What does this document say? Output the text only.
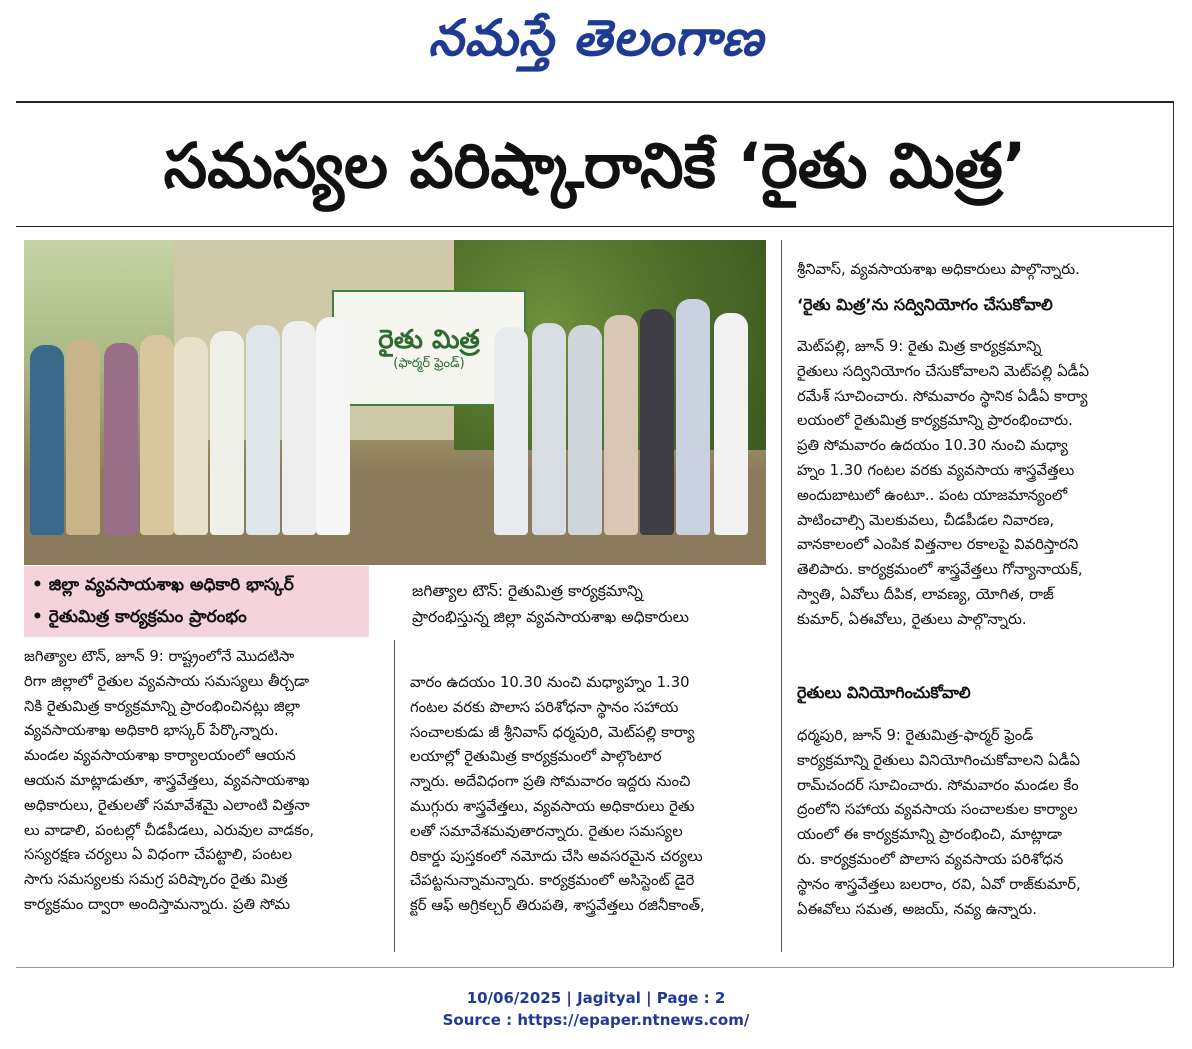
నమస్తే తెలంగాణ
సమస్యల పరిష్కారానికే ‘రైతు మిత్ర’
రైతు మిత్ర
(ఫార్మర్ ఫ్రెండ్)
• జిల్లా వ్యవసాయశాఖ అధికారి భాస్కర్
• రైతుమిత్ర కార్యక్రమం ప్రారంభం
జగిత్యాల టౌన్‌: రైతుమిత్ర కార్యక్రమాన్ని
ప్రారంభిస్తున్న జిల్లా వ్యవసాయశాఖ అధికారులు
జగిత్యాల టౌన్‌, జూన్‌ 9: రాష్ట్రంలోనే మొదటిసా
రిగా జిల్లాలో రైతుల వ్యవసాయ సమస్యలు తీర్చడా
నికి రైతుమిత్ర కార్యక్రమాన్ని ప్రారంభించినట్లు జిల్లా
వ్యవసాయశాఖ అధికారి భాస్కర్‌ పేర్కొన్నారు.
మండల వ్యవసాయశాఖ కార్యాలయంలో ఆయన
ఆయన మాట్లాడుతూ, శాస్త్రవేత్తలు, వ్యవసాయశాఖ
అధికారులు, రైతులతో సమావేశమై ఎలాంటి విత్తనా
లు వాడాలి, పంటల్లో చీడపీడలు, ఎరువుల వాడకం,
సస్యరక్షణ చర్యలు ఏ విధంగా చేపట్టాలి, పంటల
సాగు సమస్యలకు సమగ్ర పరిష్కారం రైతు మిత్ర
కార్యక్రమం ద్వారా అందిస్తామన్నారు. ప్రతి సోమ
వారం ఉదయం 10.30 నుంచి మధ్యాహ్నం 1.30
గంటల వరకు పొలాస పరిశోధనా స్థానం సహాయ
సంచాలకుడు జీ శ్రీనివాస్‌ ధర్మపురి, మెట్‌పల్లి కార్యా
లయాల్లో రైతుమిత్ర కార్యక్రమంలో పాల్గొంటార
న్నారు. అదేవిధంగా ప్రతి సోమవారం ఇద్దరు నుంచి
ముగ్గురు శాస్త్రవేత్తలు, వ్యవసాయ అధికారులు రైతు
లతో సమావేశమవుతారన్నారు. రైతుల సమస్యల
రికార్డు పుస్తకంలో నమోదు చేసి అవసరమైన చర్యలు
చేపట్టనున్నామన్నారు. కార్యక్రమంలో అసిస్టెంట్‌ డైరె
క్టర్‌ ఆఫ్‌ అగ్రికల్చర్‌ తిరుపతి, శాస్త్రవేత్తలు రజినీకాంత్‌,
శ్రీనివాస్‌, వ్యవసాయశాఖ అధికారులు పాల్గొన్నారు.
‘రైతు మిత్ర’ను సద్వినియోగం చేసుకోవాలి
మెట్‌పల్లి, జూన్‌ 9: రైతు మిత్ర కార్యక్రమాన్ని
రైతులు సద్వినియోగం చేసుకోవాలని మెట్‌పల్లి ఏడీఏ
రమేశ్‌ సూచించారు. సోమవారం స్థానిక ఏడీఏ కార్యా
లయంలో రైతుమిత్ర కార్యక్రమాన్ని ప్రారంభించారు.
ప్రతి సోమవారం ఉదయం 10.30 నుంచి మధ్యా
హ్నం 1.30 గంటల వరకు వ్యవసాయ శాస్త్రవేత్తలు
అందుబాటులో ఉంటూ.. పంట యాజమాన్యంలో
పాటించాల్సి మెలకువలు, చీడపీడల నివారణ,
వానకాలంలో ఎంపిక విత్తనాల రకాలపై వివరిస్తారని
తెలిపారు. కార్యక్రమంలో శాస్త్రవేత్తలు గోన్యానాయక్‌,
స్వాతి, ఏవోలు దీపిక, లావణ్య, యోగిత, రాజ్‌
కుమార్‌, ఏఈవోలు, రైతులు పాల్గొన్నారు.
రైతులు వినియోగించుకోవాలి
ధర్మపురి, జూన్‌ 9: రైతుమిత్ర-ఫార్మర్‌ ఫ్రెండ్‌
కార్యక్రమాన్ని రైతులు వినియోగించుకోవాలని ఏడీఏ
రామ్‌చందర్‌ సూచించారు. సోమవారం మండల కేం
ద్రంలోని సహాయ వ్యవసాయ సంచాలకుల కార్యాల
యంలో ఈ కార్యక్రమాన్ని ప్రారంభించి, మాట్లాడా
రు. కార్యక్రమంలో పొలాస వ్యవసాయ పరిశోధన
స్థానం శాస్త్రవేత్తలు బలరాం, రవి, ఏవో రాజ్‌కుమార్‌,
ఏఈవోలు సమత, అజయ్‌, నవ్య ఉన్నారు.
10/06/2025 | Jagityal | Page : 2
Source : https://epaper.ntnews.com/
